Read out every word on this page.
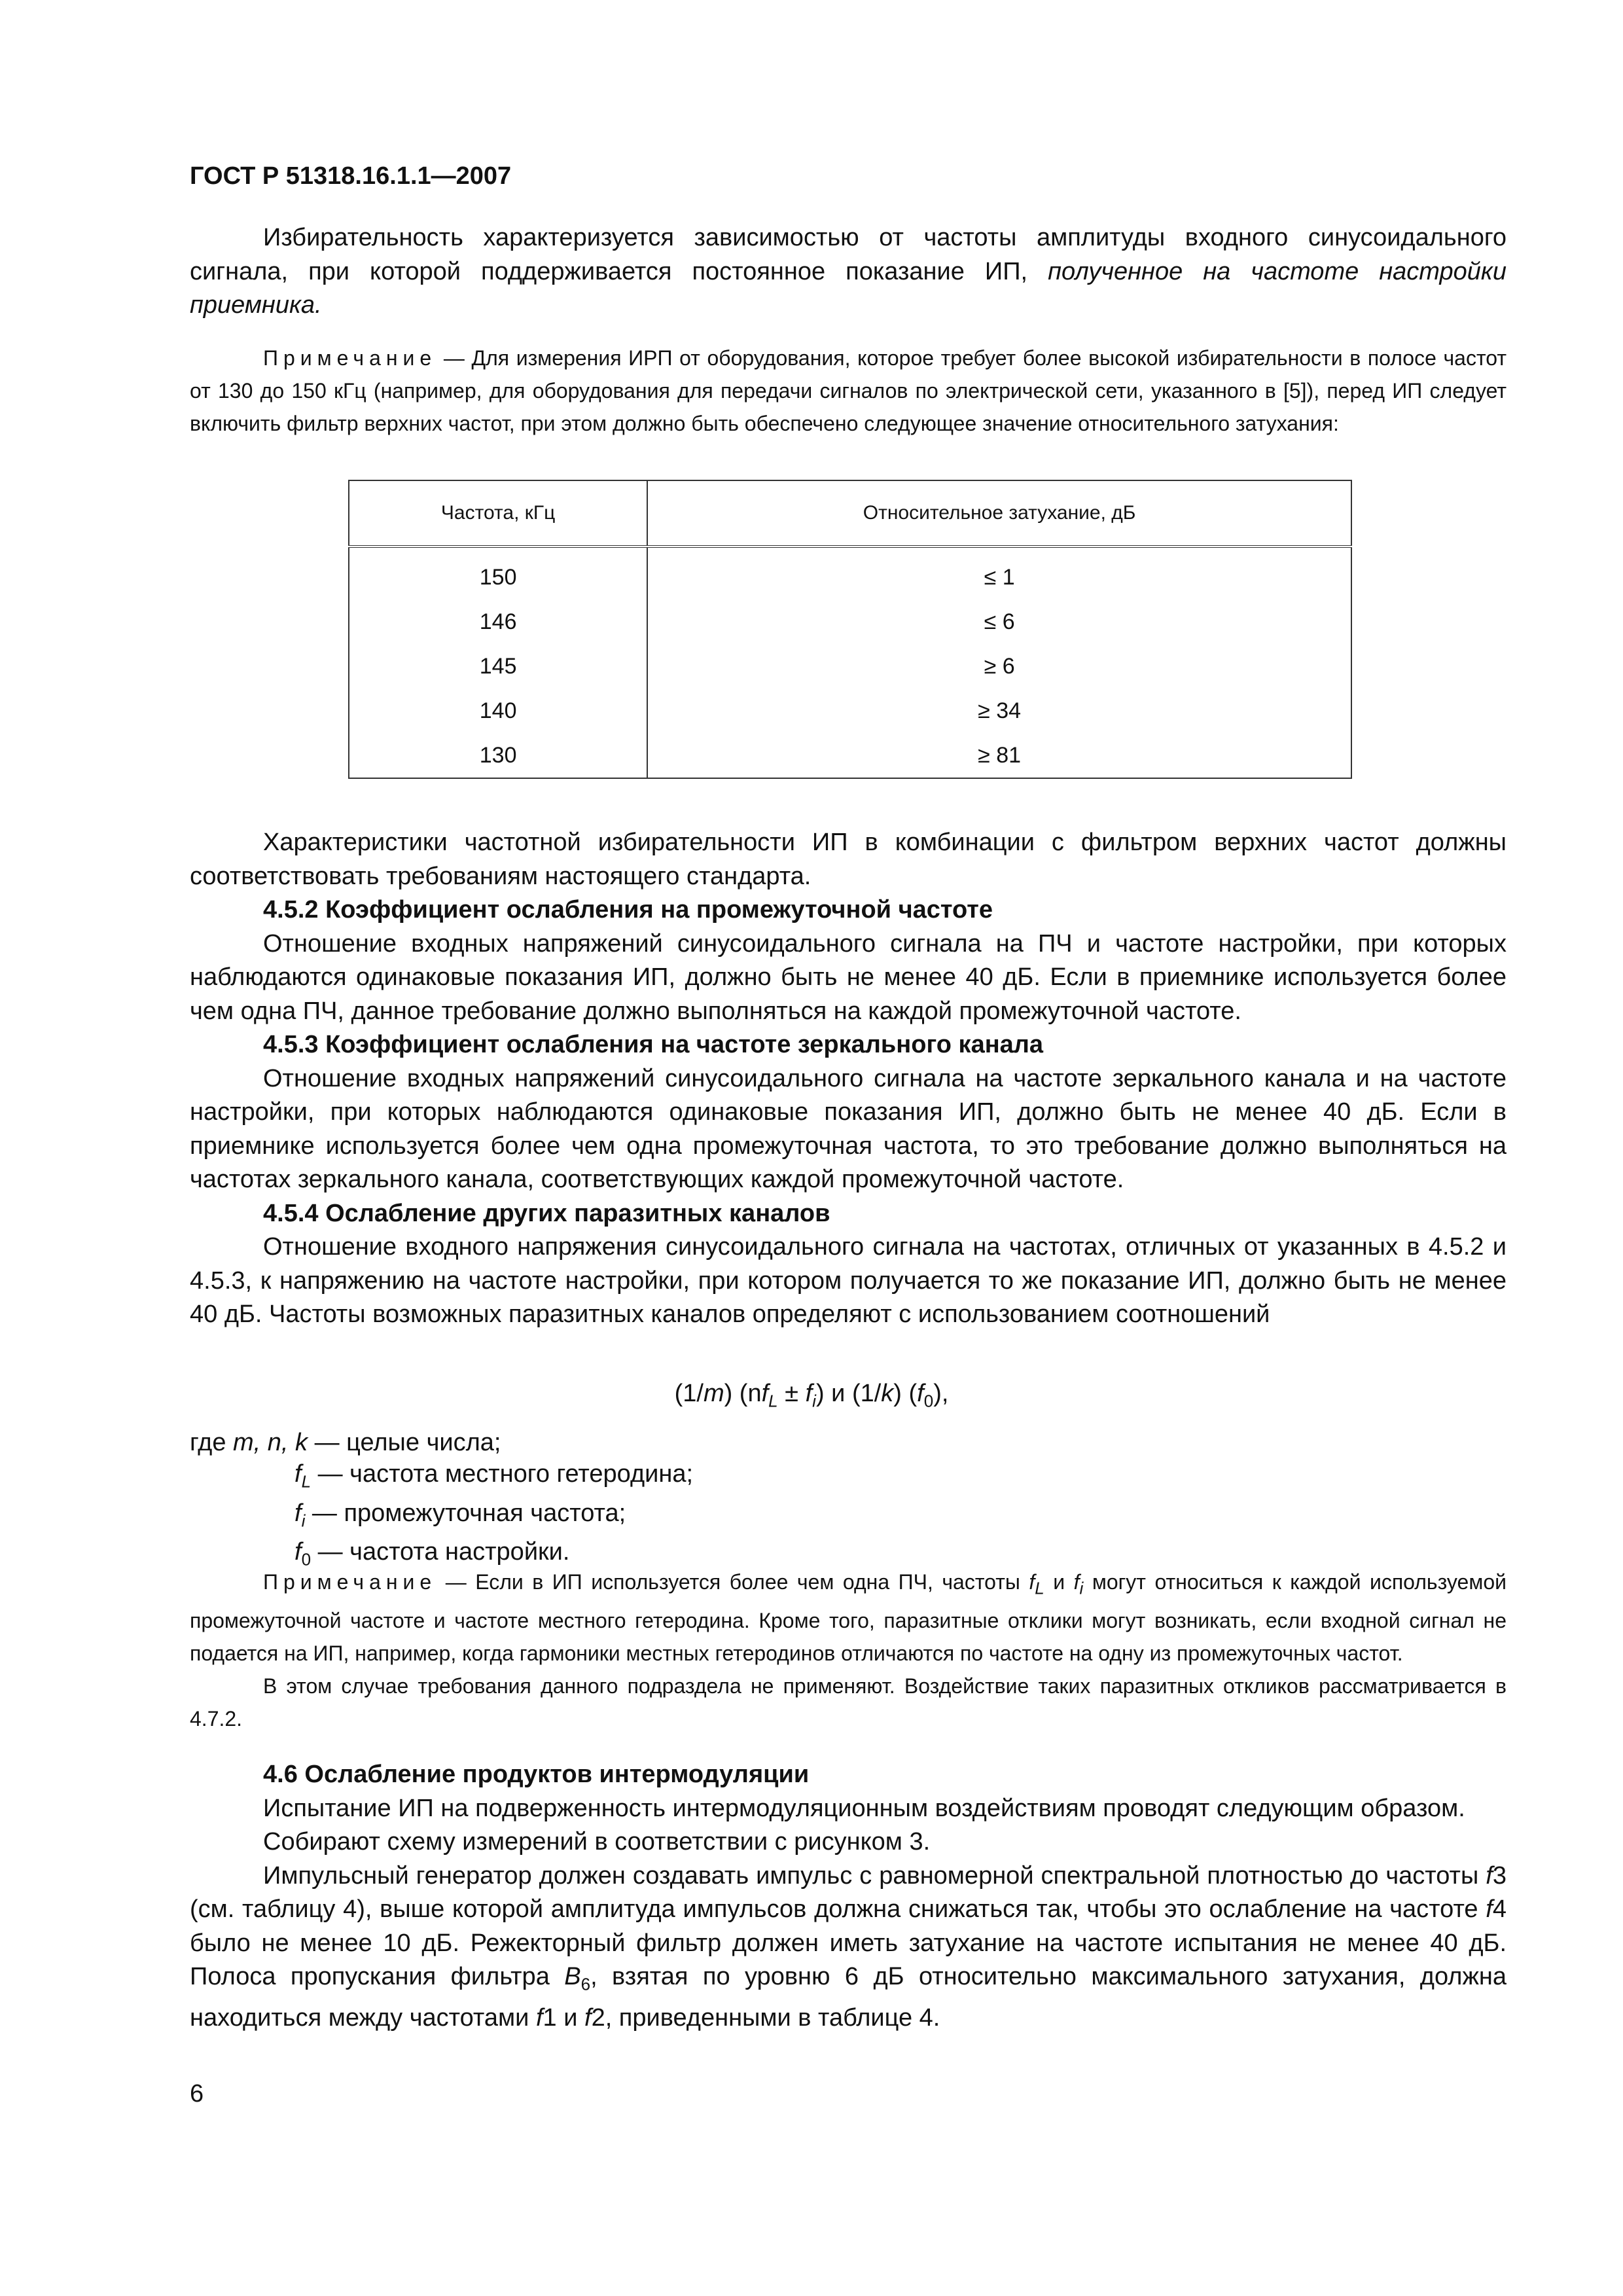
ГОСТ Р 51318.16.1.1—2007

Избирательность характеризуется зависимостью от частоты амплитуды входного синусоидального сигнала, при которой поддерживается постоянное показание ИП, полученное на частоте настройки приемника.

Примечание — Для измерения ИРП от оборудования, которое требует более высокой избирательности в полосе частот от 130 до 150 кГц (например, для оборудования для передачи сигналов по электрической сети, указанного в [5]), перед ИП следует включить фильтр верхних частот, при этом должно быть обеспечено следующее значение относительного затухания:

Частота, кГц	Относительное затухание, дБ
150	≤ 1
146	≤ 6
145	≥ 6
140	≥ 34
130	≥ 81

Характеристики частотной избирательности ИП в комбинации с фильтром верхних частот должны соответствовать требованиям настоящего стандарта.

4.5.2 Коэффициент ослабления на промежуточной частоте

Отношение входных напряжений синусоидального сигнала на ПЧ и частоте настройки, при которых наблюдаются одинаковые показания ИП, должно быть не менее 40 дБ. Если в приемнике используется более чем одна ПЧ, данное требование должно выполняться на каждой промежуточной частоте.

4.5.3 Коэффициент ослабления на частоте зеркального канала

Отношение входных напряжений синусоидального сигнала на частоте зеркального канала и на частоте настройки, при которых наблюдаются одинаковые показания ИП, должно быть не менее 40 дБ. Если в приемнике используется более чем одна промежуточная частота, то это требование должно выполняться на частотах зеркального канала, соответствующих каждой промежуточной частоте.

4.5.4 Ослабление других паразитных каналов

Отношение входного напряжения синусоидального сигнала на частотах, отличных от указанных в 4.5.2 и 4.5.3, к напряжению на частоте настройки, при котором получается то же показание ИП, должно быть не менее 40 дБ. Частоты возможных паразитных каналов определяют с использованием соотношений

(1/m) $(nf_L \pm f_i)$ и (1/k) $(f_0)$,
где m, n, k — целые числа;
$f_L$ — частота местного гетеродина;
$f_i$ — промежуточная частота;
$f_0$ — частота настройки.

Примечание — Если в ИП используется более чем одна ПЧ, частоты $f_L$ и $f_i$ могут относиться к каждой используемой промежуточной частоте и частоте местного гетеродина. Кроме того, паразитные отклики могут возникать, если входной сигнал не подается на ИП, например, когда гармоники местных гетеродинов отличаются по частоте на одну из промежуточных частот.

В этом случае требования данного подраздела не применяют. Воздействие таких паразитных откликов рассматривается в 4.7.2.

4.6 Ослабление продуктов интермодуляции

Испытание ИП на подверженность интермодуляционным воздействиям проводят следующим образом.

Собирают схему измерений в соответствии с рисунком 3.

Импульсный генератор должен создавать импульс с равномерной спектральной плотностью до частоты f3 (см. таблицу 4), выше которой амплитуда импульсов должна снижаться так, чтобы это ослабление на частоте f4 было не менее 10 дБ. Режекторный фильтр должен иметь затухание на частоте испытания не менее 40 дБ. Полоса пропускания фильтра $B_6$, взятая по уровню 6 дБ относительно максимального затухания, должна находиться между частотами f1 и f2, приведенными в таблице 4.

6
